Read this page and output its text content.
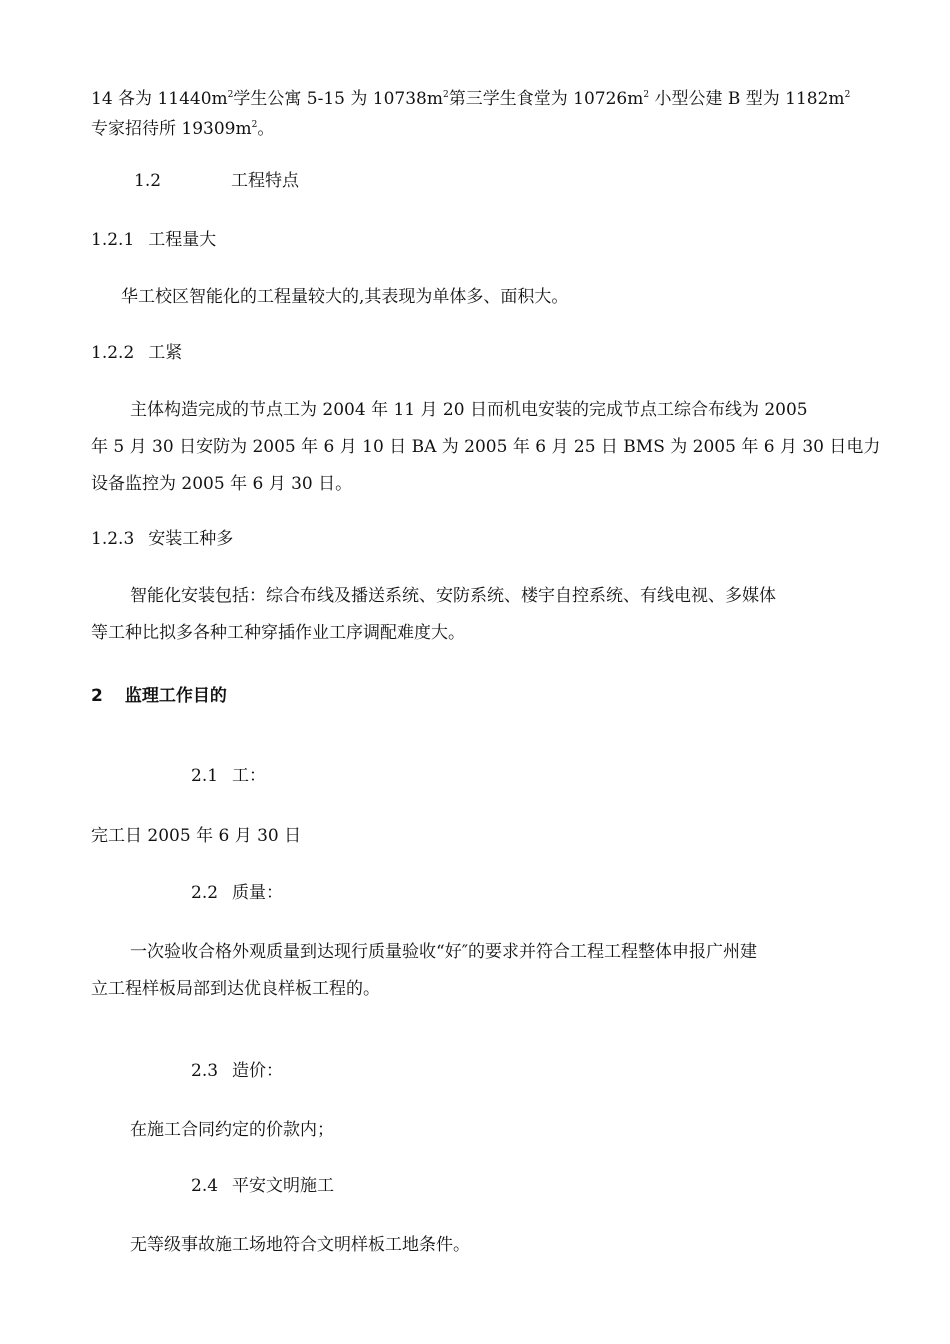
14 各为 $11440m^2$学生公寓 5-15 为 $10738m^2$第三学生食堂为 $10726m^2$ 小型公建 B 型为 $1182m^2$
专家招待所 $19309m^2$。
1.2	工程特点
1.2.1 工程量大
华工校区智能化的工程量较大的,其表现为单体多、面积大。
1.2.2 工紧
主体构造完成的节点工为 2004 年 11 月 20 日而机电安装的完成节点工综合布线为 2005
年 5 月 30 日安防为 2005 年 6 月 10 日 BA 为 2005 年 6 月 25 日 BMS 为 2005 年 6 月 30 日电力
设备监控为 2005 年 6 月 30 日。
1.2.3 安装工种多
智能化安装包括：综合布线及播送系统、安防系统、楼宇自控系统、有线电视、多媒体
等工种比拟多各种工种穿插作业工序调配难度大。
2 监理工作目的
2.1 工：
完工日 2005 年 6 月 30 日
2.2 质量：
一次验收合格外观质量到达现行质量验收“好″的要求并符合工程工程整体申报广州建
立工程样板局部到达优良样板工程的。
2.3 造价：
在施工合同约定的价款内；
2.4 平安文明施工
无等级事故施工场地符合文明样板工地条件。
